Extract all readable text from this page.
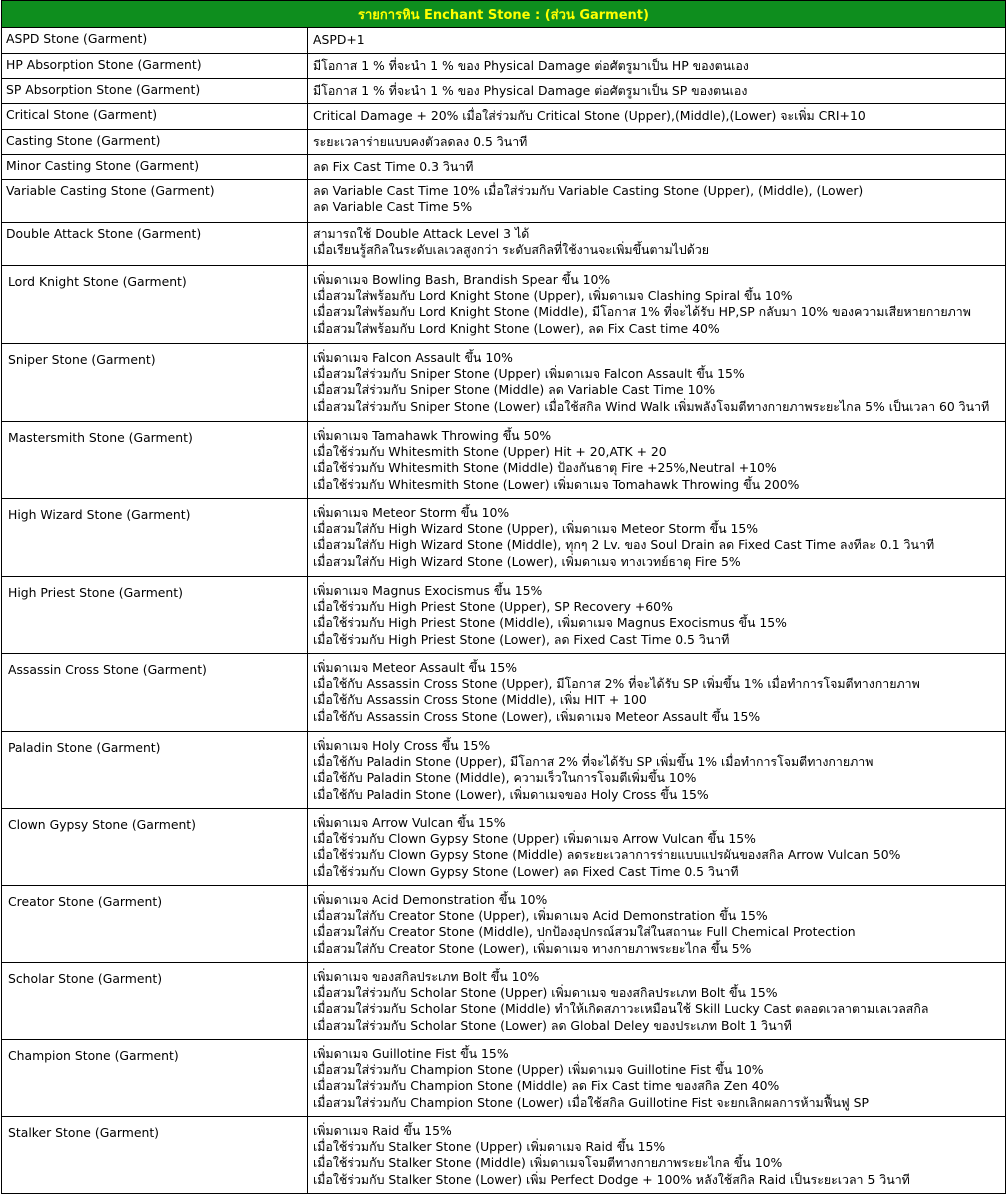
รายการหิน Enchant Stone : (ส่วน Garment)
ASPD Stone (Garment)	ASPD+1
HP Absorption Stone (Garment)	มีโอกาส 1 % ที่จะนำ 1 % ของ Physical Damage ต่อศัตรูมาเป็น HP ของตนเอง
SP Absorption Stone (Garment)	มีโอกาส 1 % ที่จะนำ 1 % ของ Physical Damage ต่อศัตรูมาเป็น SP ของตนเอง
Critical Stone (Garment)	Critical Damage + 20% เมื่อใส่ร่วมกับ Critical Stone (Upper),(Middle),(Lower) จะเพิ่ม CRI+10
Casting Stone (Garment)	ระยะเวลาร่ายแบบคงตัวลดลง 0.5 วินาที
Minor Casting Stone (Garment)	ลด Fix Cast Time 0.3 วินาที
Variable Casting Stone (Garment)	ลด Variable Cast Time 10% เมื่อใส่ร่วมกับ Variable Casting Stone (Upper), (Middle), (Lower)
ลด Variable Cast Time 5%
Double Attack Stone (Garment)	สามารถใช้ Double Attack Level 3 ได้
เมื่อเรียนรู้สกิลในระดับเลเวลสูงกว่า ระดับสกิลที่ใช้งานจะเพิ่มขึ้นตามไปด้วย
Lord Knight Stone (Garment)	เพิ่มดาเมจ Bowling Bash, Brandish Spear ขึ้น 10%
เมื่อสวมใส่พร้อมกับ Lord Knight Stone (Upper), เพิ่มดาเมจ Clashing Spiral ขึ้น 10%
เมื่อสวมใส่พร้อมกับ Lord Knight Stone (Middle), มีโอกาส 1% ที่จะได้รับ HP,SP กลับมา 10% ของความเสียหายกายภาพ
เมื่อสวมใส่พร้อมกับ Lord Knight Stone (Lower), ลด Fix Cast time 40%
Sniper Stone (Garment)	เพิ่มดาเมจ Falcon Assault ขึ้น 10%
เมื่อสวมใส่ร่วมกับ Sniper Stone (Upper) เพิ่มดาเมจ Falcon Assault ขึ้น 15%
เมื่อสวมใส่ร่วมกับ Sniper Stone (Middle) ลด Variable Cast Time 10%
เมื่อสวมใส่ร่วมกับ Sniper Stone (Lower) เมื่อใช้สกิล Wind Walk เพิ่มพลังโจมตีทางกายภาพระยะไกล 5% เป็นเวลา 60 วินาที
Mastersmith Stone (Garment)	เพิ่มดาเมจ Tamahawk Throwing ขึ้น 50%
เมื่อใช้ร่วมกับ Whitesmith Stone (Upper) Hit + 20,ATK + 20
เมื่อใช้ร่วมกับ Whitesmith Stone (Middle) ป้องกันธาตุ Fire +25%,Neutral +10%
เมื่อใช้ร่วมกับ Whitesmith Stone (Lower) เพิ่มดาเมจ Tomahawk Throwing ขึ้น 200%
High Wizard Stone (Garment)	เพิ่มดาเมจ Meteor Storm ขึ้น 10%
เมื่อสวมใส่กับ High Wizard Stone (Upper), เพิ่มดาเมจ Meteor Storm ขึ้น 15%
เมื่อสวมใส่กับ High Wizard Stone (Middle), ทุกๆ 2 Lv. ของ Soul Drain ลด Fixed Cast Time ลงทีละ 0.1 วินาที
เมื่อสวมใส่กับ High Wizard Stone (Lower), เพิ่มดาเมจ ทางเวทย์ธาตุ Fire 5%
High Priest Stone (Garment)	เพิ่มดาเมจ Magnus Exocismus ขึ้น 15%
เมื่อใช้ร่วมกับ High Priest Stone (Upper), SP Recovery +60%
เมื่อใช้ร่วมกับ High Priest Stone (Middle), เพิ่มดาเมจ Magnus Exocismus ขึ้น 15%
เมื่อใช้ร่วมกับ High Priest Stone (Lower), ลด Fixed Cast Time 0.5 วินาที
Assassin Cross Stone (Garment)	เพิ่มดาเมจ Meteor Assault ขึ้น 15%
เมื่อใช้กับ Assassin Cross Stone (Upper), มีโอกาส 2% ที่จะได้รับ SP เพิ่มขึ้น 1% เมื่อทำการโจมตีทางกายภาพ
เมื่อใช้กับ Assassin Cross Stone (Middle), เพิ่ม HIT + 100
เมื่อใช้กับ Assassin Cross Stone (Lower), เพิ่มดาเมจ Meteor Assault ขึ้น 15%
Paladin Stone (Garment)	เพิ่มดาเมจ Holy Cross ขึ้น 15%
เมื่อใช้กับ Paladin Stone (Upper), มีโอกาส 2% ที่จะได้รับ SP เพิ่มขึ้น 1% เมื่อทำการโจมตีทางกายภาพ
เมื่อใช้กับ Paladin Stone (Middle), ความเร็วในการโจมตีเพิ่มขึ้น 10%
เมื่อใช้กับ Paladin Stone (Lower), เพิ่มดาเมจของ Holy Cross ขึ้น 15%
Clown Gypsy Stone (Garment)	เพิ่มดาเมจ Arrow Vulcan ขึ้น 15%
เมื่อใช้ร่วมกับ Clown Gypsy Stone (Upper) เพิ่มดาเมจ Arrow Vulcan ขึ้น 15%
เมื่อใช้ร่วมกับ Clown Gypsy Stone (Middle) ลดระยะเวลาการร่ายแบบแปรผันของสกิล Arrow Vulcan 50%
เมื่อใช้ร่วมกับ Clown Gypsy Stone (Lower) ลด Fixed Cast Time 0.5 วินาที
Creator Stone (Garment)	เพิ่มดาเมจ Acid Demonstration ขึ้น 10%
เมื่อสวมใส่กับ Creator Stone (Upper), เพิ่มดาเมจ Acid Demonstration ขึ้น 15%
เมื่อสวมใส่กับ Creator Stone (Middle), ปกป้องอุปกรณ์สวมใส่ในสถานะ Full Chemical Protection
เมื่อสวมใส่กับ Creator Stone (Lower), เพิ่มดาเมจ ทางกายภาพระยะไกล ขึ้น 5%
Scholar Stone (Garment)	เพิ่มดาเมจ ของสกิลประเภท Bolt ขึ้น 10%
เมื่อสวมใส่ร่วมกับ Scholar Stone (Upper) เพิ่มดาเมจ ของสกิลประเภท Bolt ขึ้น 15%
เมื่อสวมใส่ร่วมกับ Scholar Stone (Middle) ทำให้เกิดสภาวะเหมือนใช้ Skill Lucky Cast ตลอดเวลาตามเลเวลสกิล
เมื่อสวมใส่ร่วมกับ Scholar Stone (Lower) ลด Global Deley ของประเภท Bolt 1 วินาที
Champion Stone (Garment)	เพิ่มดาเมจ Guillotine Fist ขึ้น 15%
เมื่อสวมใส่ร่วมกับ Champion Stone (Upper) เพิ่มดาเมจ Guillotine Fist ขึ้น 10%
เมื่อสวมใส่ร่วมกับ Champion Stone (Middle) ลด Fix Cast time ของสกิล Zen 40%
เมื่อสวมใส่ร่วมกับ Champion Stone (Lower) เมื่อใช้สกิล Guillotine Fist จะยกเลิกผลการห้ามฟื้นฟู SP
Stalker Stone (Garment)	เพิ่มดาเมจ Raid ขึ้น 15%
เมื่อใช้ร่วมกับ Stalker Stone (Upper) เพิ่มดาเมจ Raid ขึ้น 15%
เมื่อใช้ร่วมกับ Stalker Stone (Middle) เพิ่มดาเมจโจมตีทางกายภาพระยะไกล ขึ้น 10%
เมื่อใช้ร่วมกับ Stalker Stone (Lower) เพิ่ม Perfect Dodge + 100% หลังใช้สกิล Raid เป็นระยะเวลา 5 วินาที
